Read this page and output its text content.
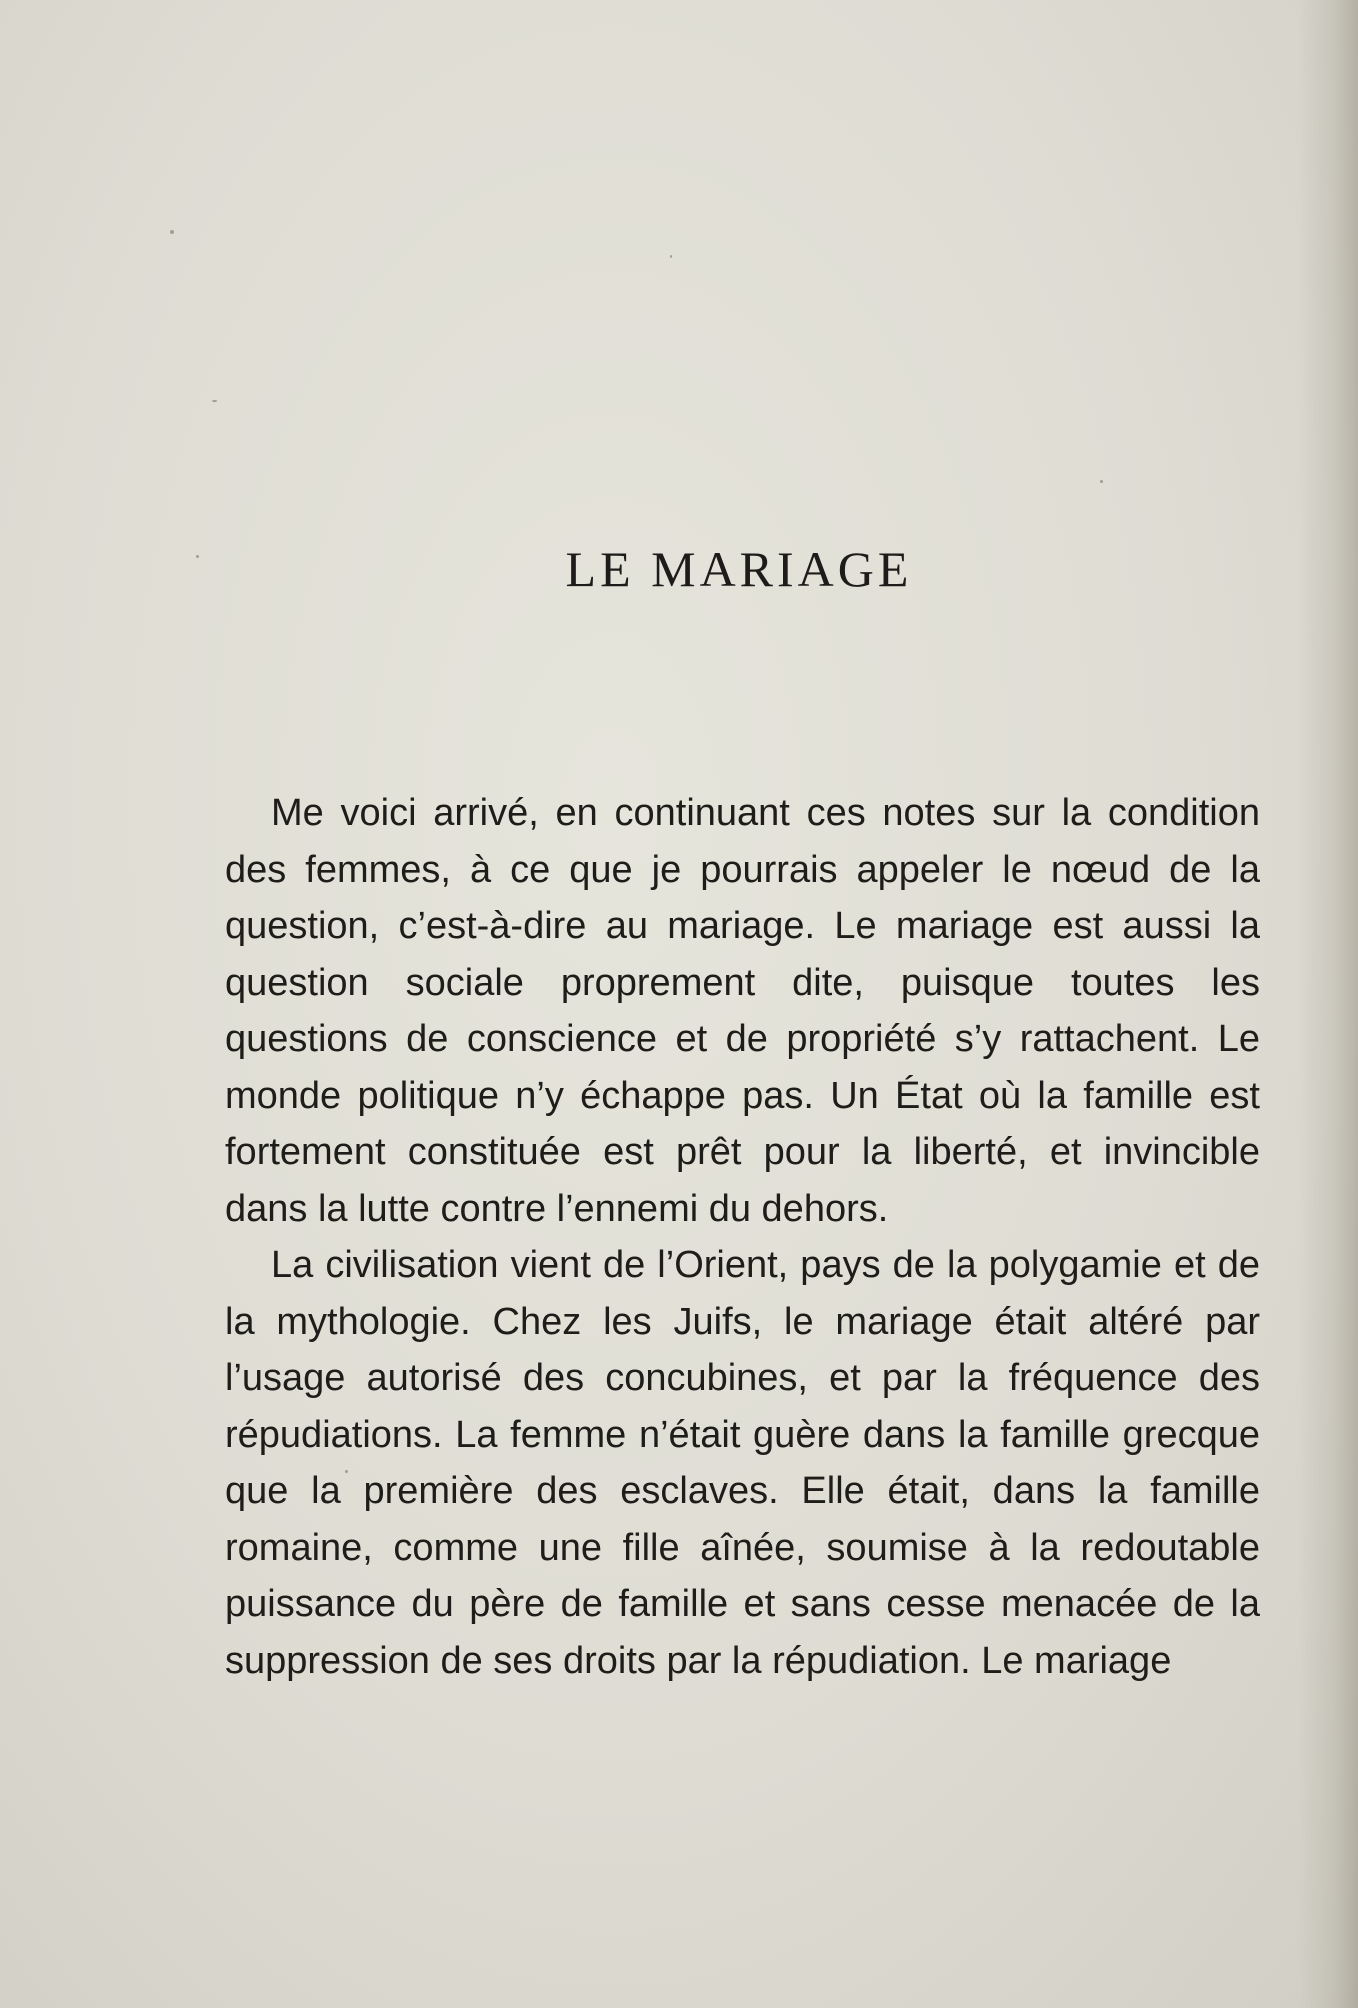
LE MARIAGE

Me voici arrivé, en continuant ces notes sur la condition des femmes, à ce que je pourrais appeler le nœud de la question, c’est-à-dire au mariage. Le mariage est aussi la question sociale proprement dite, puisque toutes les questions de conscience et de propriété s’y rattachent. Le monde politique n’y échappe pas. Un État où la famille est fortement constituée est prêt pour la liberté, et invincible dans la lutte contre l’ennemi du dehors.

La civilisation vient de l’Orient, pays de la polygamie et de la mythologie. Chez les Juifs, le mariage était altéré par l’usage autorisé des concubines, et par la fréquence des répudiations. La femme n’était guère dans la famille grecque que la première des esclaves. Elle était, dans la famille romaine, comme une fille aînée, soumise à la redoutable puissance du père de famille et sans cesse menacée de la suppression de ses droits par la répudiation. Le mariage
